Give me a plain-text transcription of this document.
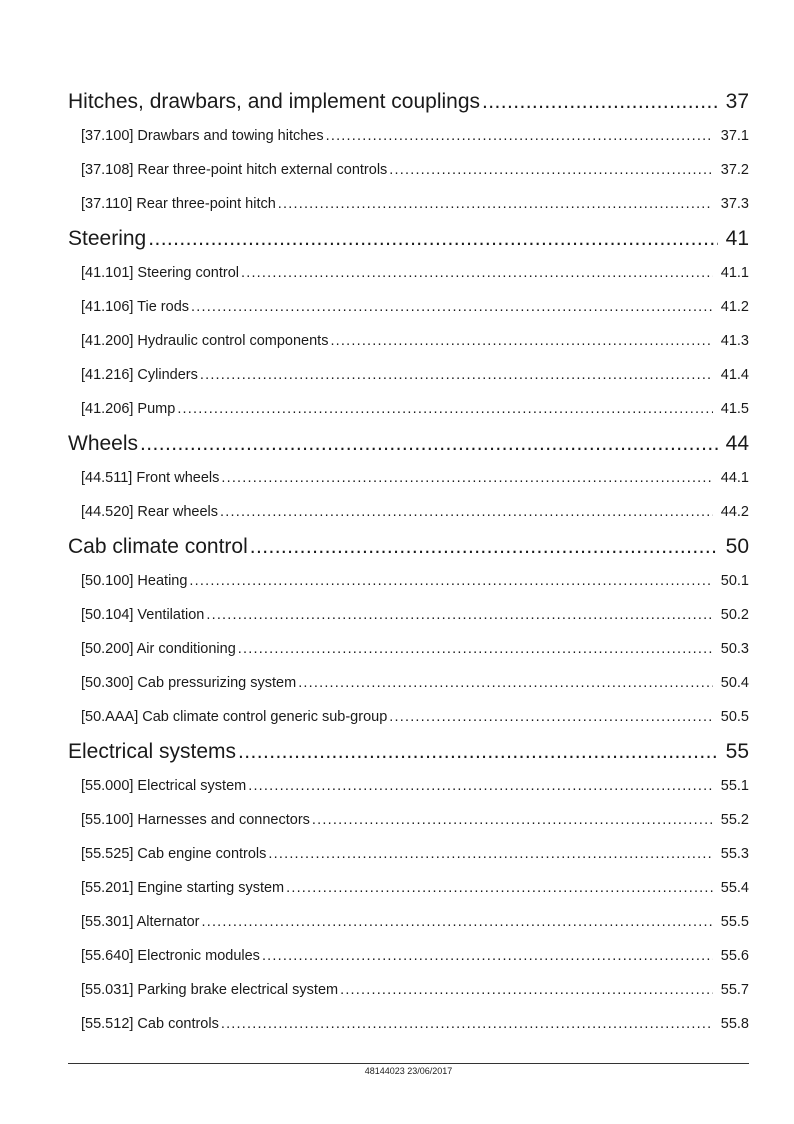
Hitches, drawbars, and implement couplings .....	37
[37.100] Drawbars and towing hitches .....	37.1
[37.108] Rear three-point hitch external controls .....	37.2
[37.110] Rear three-point hitch .....	37.3
Steering .....	41
[41.101] Steering control .....	41.1
[41.106] Tie rods .....	41.2
[41.200] Hydraulic control components .....	41.3
[41.216] Cylinders .....	41.4
[41.206] Pump .....	41.5
Wheels .....	44
[44.511] Front wheels .....	44.1
[44.520] Rear wheels .....	44.2
Cab climate control .....	50
[50.100] Heating .....	50.1
[50.104] Ventilation .....	50.2
[50.200] Air conditioning .....	50.3
[50.300] Cab pressurizing system .....	50.4
[50.AAA] Cab climate control generic sub-group .....	50.5
Electrical systems .....	55
[55.000] Electrical system .....	55.1
[55.100] Harnesses and connectors .....	55.2
[55.525] Cab engine controls .....	55.3
[55.201] Engine starting system .....	55.4
[55.301] Alternator .....	55.5
[55.640] Electronic modules .....	55.6
[55.031] Parking brake electrical system .....	55.7
[55.512] Cab controls .....	55.8
48144023 23/06/2017
